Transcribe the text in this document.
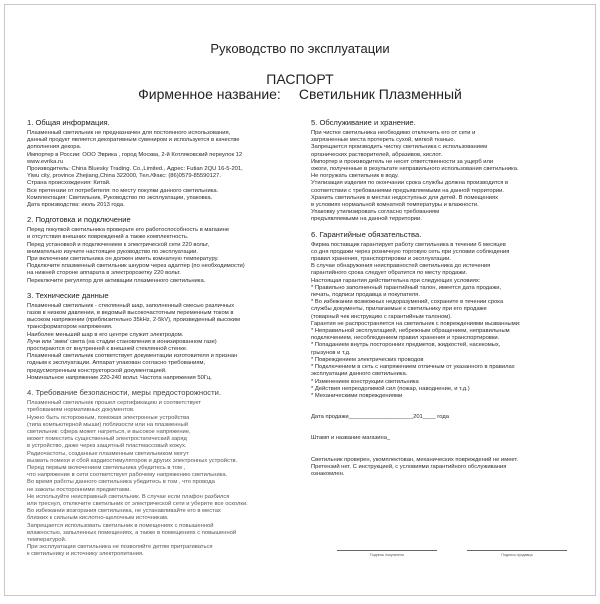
Руководство по эксплуатации
ПАСПОРТ
Фирменное название: Светильник Плазменный
1. Общая информация.

Плазменный светильник не предназначен для постоянного использования,
данный продукт является декоративным сувениром и используется в качестве
дополнения декора.
Импортер в России: ООО Эврика , город Москва, 2-й Котляковский переулок 12
www.evrika.ru
Производитель: China Bluesky Trading. Co.,Limited., Адрес: Futian 2QU 16-5-201,
Yiwu city, province Zhejiang,China 322000, Тел./Факс: (86)0579-85590127.
Страна происхождения: Китай.
Все претензии от потребителя: по месту покупки данного светильника.
Комплектация: Светильник, Руководство по эксплуатации, упаковка.
Дата производства: июль 2013 года.

2. Подготовка и подключение

Перед покупкой светильника проверьте его работоспособность в магазине
и отсутствия внешних повреждений а также комплектность.
Перед установкой и подключением к электрической сети 220 вольт,
внимательно изучите настоящее руководство по эксплуатации.
При включении светильника он должен иметь комнатную температуру.
Подключите плазменный светильник шнуром через адаптер (по необходимости)
на нижней стороне аппарата в электророзетку 220 вольт.
Переключите регулятор для активации плазменного светильника.

3. Технические данные

Плазменный светильник - стеклянный шар, заполненный смесью различных
газов в низком давлении, в ведомый высокочастотным переменным током в
высоком напряжении (приблизительно 35kHz, 2-5kV), произведенный высоким
трансформатором напряжения.
Наиболее меньший шар в его центре служит электродом.
Лучи или 'змеи' света (на стадии становления в ионизированном газе)
простираются от внутренней к внешней стеклянной стенке.
Плазменный светильник соответствует документации изготовителя и признан
годным к эксплуатации. Аппарат упакован согласно требованиям,
предусмотренным конструкторской документацией.
Номинальное напряжение 220-240 вольт. Частота напряжения 50Гц.

4. Требование безопасности, меры предосторожности.

Плазменный светильник прошел сертификацию и соответствует
требованиям нормативных документов.
Нужно быть осторожным, поможая электронные устройства
(типа компьютерной мыши) поблизости или на плазменный
светильник: сфера может нагреться, и высокое напряжение,
может поместить существенный электростатический заряд
в устройство, даже через защитный пластмассовый кожух.
Радиочастоты, созданные плазменным светильником могут
вызвать помехи и сбой кардиостимуляторов и других электронных устройств.
Перед первым включением светильника убедитесь в том ,
что напряжение в сети соответствует рабочему напряжению светильника.
Во время работы данного светильника убедитесь в том , что провода
не зажаты посторонними предметами.
Не используйте неисправный светильник. В случае если плафон разбился
или треснул, отключите светильник от электрической сети и уберите все осколки.
Во избежании возгорания светильника, не устанавливайте его в местах
близких к сильным кислотно-щелочным источникам.
Запрещается использовать светильник в помещениях с повышенной
влажностью, запыленных помещениях, а также в помещениях с повышенной
температурой.
При эксплуатации светильника не позволяйте детям притрагиваться
к светильнику и источнику электропитания.

5. Обслуживание и хранение.

При чистке светильника необходимо отключить его от сети и
загрязненные места протереть сухой, мягкой тканью.
Запрещается производить чистку светильника с использованием
органических растворителей, абразивов, кислот.
Импортер и производитель не несет ответственности за ущерб или
ожоги, полученные в результате неправильного использования светильника.
Не погружать светильник в воду.
Утилизация изделия по окончании срока службы должна производится в
соответствии с требованиями предъявляемыми на данной территории.
Хранить светильник в местах недоступных для детей. В помещениях
в условиях нормальной комнатной температуры и влажности.
Упаковку утилизировать согласно требованиям
предъявляемыми на данной территории.

6. Гарантийные обязательства.

Фирма поставщик гарантирует работу светильника в течении 6 месяцев
со дня продажи через розничную торговую сеть при условии соблюдения
правил хранения, транспортировки и эксплуатации.
В случае обнаружения неисправностей светильника до истечения
гарантийного срока следует обратится по месту продажи.
Настоящая гарантия действительна при следующих условиях:
* Правильно заполненный гарантийный талон, имеется дата продажи,
печать, подписи продавца и покупателя.
* Во избежании возможных недоразумений, сохраните в течении срока
службы документы, прилагаемые к светильнику при его продаже
(товарный чек инструкцию с гарантийным талоном).
Гарантия не распространяется на светильник с повреждениями вызванными:
* Неправильной эксплуатацией, небрежным обращением, неправильным
подключением, несоблюдением правил хранения и транспортировки.
* Попаданием внутрь посторонних предметов, жидкостей, насекомых,
грызунов и т.д.
* Повреждением электрических проводов
* Подключением в сеть с напряжением отличным от указанного в правилах
эксплуатации данного светильника.
* Изменением конструкции светильника
* Действия непреодолимой сил (пожар, наводнение, и т.д.)
* Механическими повреждениями

Дата продажи____________________201____ года

Штамп и название магазина_

Светильник проверен, укомплектован, механических повреждений не имеет.
Претензий нет. С инструкцией, с условиями гарантийного обслуживания
ознакомлен.

Подпись покупателя	Подпись продавца
